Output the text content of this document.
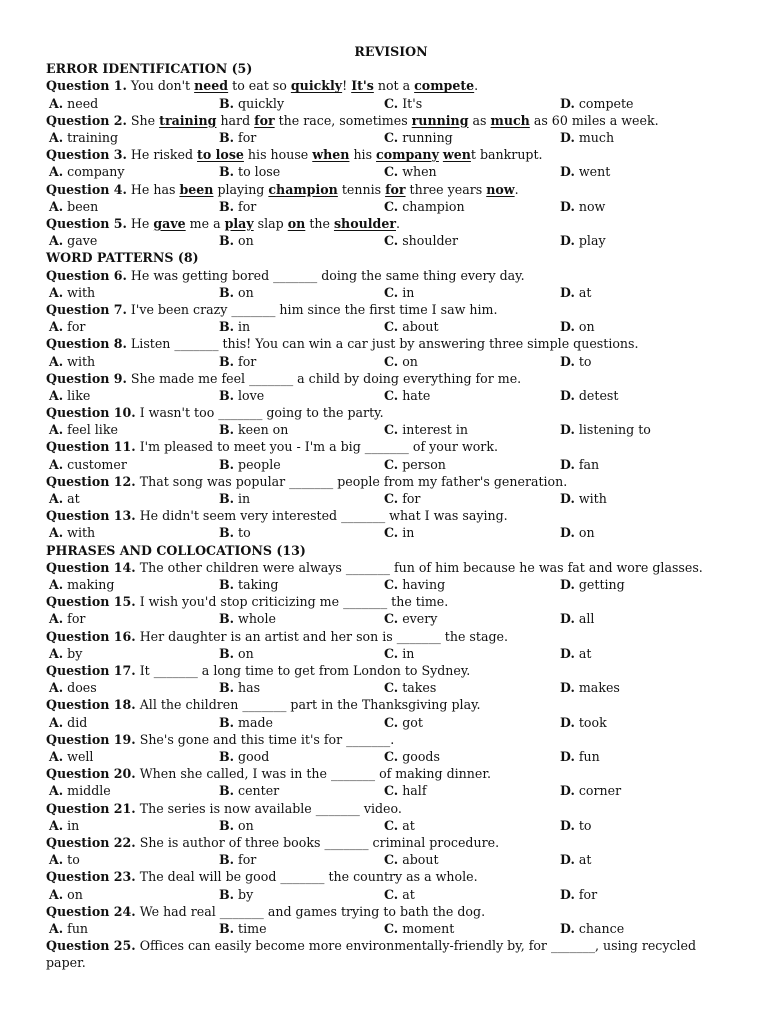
REVISION
ERROR IDENTIFICATION (5)
Question 1. You don't need to eat so quickly! It's not a compete.
A. need	B. quickly	C. It's	D. compete
Question 2. She training hard for the race, sometimes running as much as 60 miles a week.
A. training	B. for	C. running	D. much
Question 3. He risked to lose his house when his company went bankrupt.
A. company	B. to lose	C. when	D. went
Question 4. He has been playing champion tennis for three years now.
A. been	B. for	C. champion	D. now
Question 5. He gave me a play slap on the shoulder.
A. gave	B. on	C. shoulder	D. play
WORD PATTERNS (8)
Question 6. He was getting bored _______ doing the same thing every day.
A. with	B. on	C. in	D. at
Question 7. I've been crazy _______ him since the first time I saw him.
A. for	B. in	C. about	D. on
Question 8. Listen _______ this! You can win a car just by answering three simple questions.
A. with	B. for	C. on	D. to
Question 9. She made me feel _______ a child by doing everything for me.
A. like	B. love	C. hate	D. detest
Question 10. I wasn't too _______ going to the party.
A. feel like	B. keen on	C. interest in	D. listening to
Question 11. I'm pleased to meet you - I'm a big _______ of your work.
A. customer	B. people	C. person	D. fan
Question 12. That song was popular _______ people from my father's generation.
A. at	B. in	C. for	D. with
Question 13. He didn't seem very interested _______ what I was saying.
A. with	B. to	C. in	D. on
PHRASES AND COLLOCATIONS (13)
Question 14. The other children were always _______ fun of him because he was fat and wore glasses.
A. making	B. taking	C. having	D. getting
Question 15. I wish you'd stop criticizing me _______ the time.
A. for	B. whole	C. every	D. all
Question 16. Her daughter is an artist and her son is _______ the stage.
A. by	B. on	C. in	D. at
Question 17. It _______ a long time to get from London to Sydney.
A. does	B. has	C. takes	D. makes
Question 18. All the children _______ part in the Thanksgiving play.
A. did	B. made	C. got	D. took
Question 19. She's gone and this time it's for _______.
A. well	B. good	C. goods	D. fun
Question 20. When she called, I was in the _______ of making dinner.
A. middle	B. center	C. half	D. corner
Question 21. The series is now available _______ video.
A. in	B. on	C. at	D. to
Question 22. She is author of three books _______ criminal procedure.
A. to	B. for	C. about	D. at
Question 23. The deal will be good _______ the country as a whole.
A. on	B. by	C. at	D. for
Question 24. We had real _______ and games trying to bath the dog.
A. fun	B. time	C. moment	D. chance
Question 25. Offices can easily become more environmentally-friendly by, for _______, using recycled paper.
